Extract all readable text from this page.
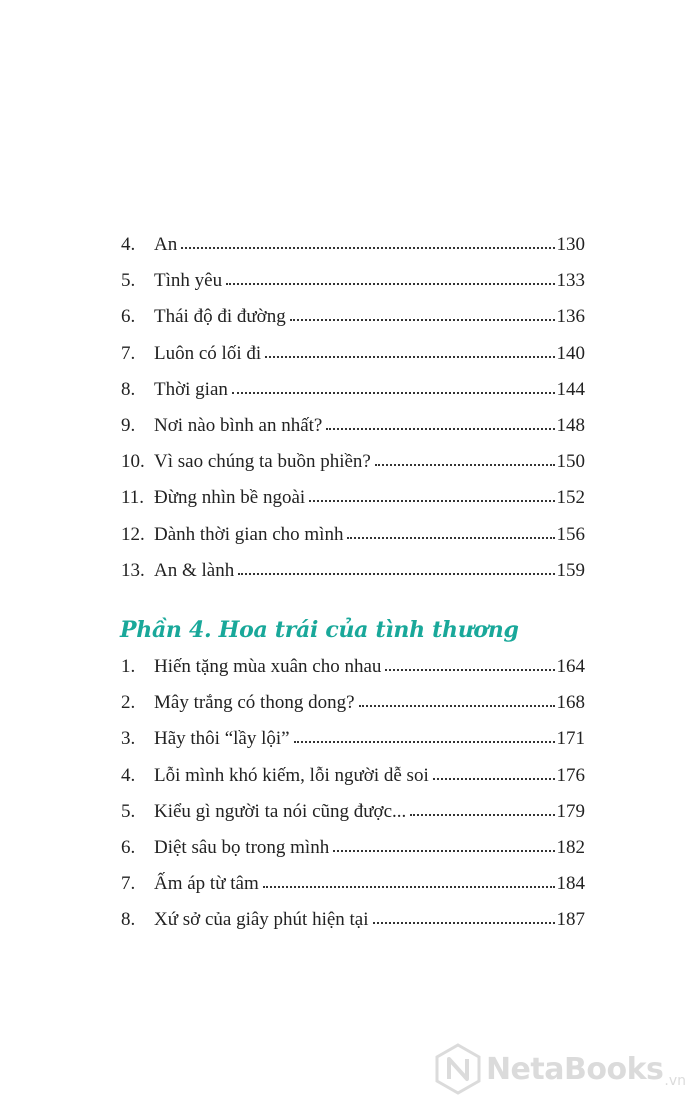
4. An	130
5. Tình yêu	133
6. Thái độ đi đường	136
7. Luôn có lối đi	140
8. Thời gian	144
9. Nơi nào bình an nhất?	148
10. Vì sao chúng ta buồn phiền?	150
11. Đừng nhìn bề ngoài	152
12. Dành thời gian cho mình	156
13. An & lành	159
Phần 4. Hoa trái của tình thương
1. Hiến tặng mùa xuân cho nhau	164
2. Mây trắng có thong dong?	168
3. Hãy thôi “lầy lội”	171
4. Lỗi mình khó kiếm, lỗi người dễ soi	176
5. Kiểu gì người ta nói cũng được...	179
6. Diệt sâu bọ trong mình	182
7. Ấm áp từ tâm	184
8. Xứ sở của giây phút hiện tại	187
NetaBooks .vn
